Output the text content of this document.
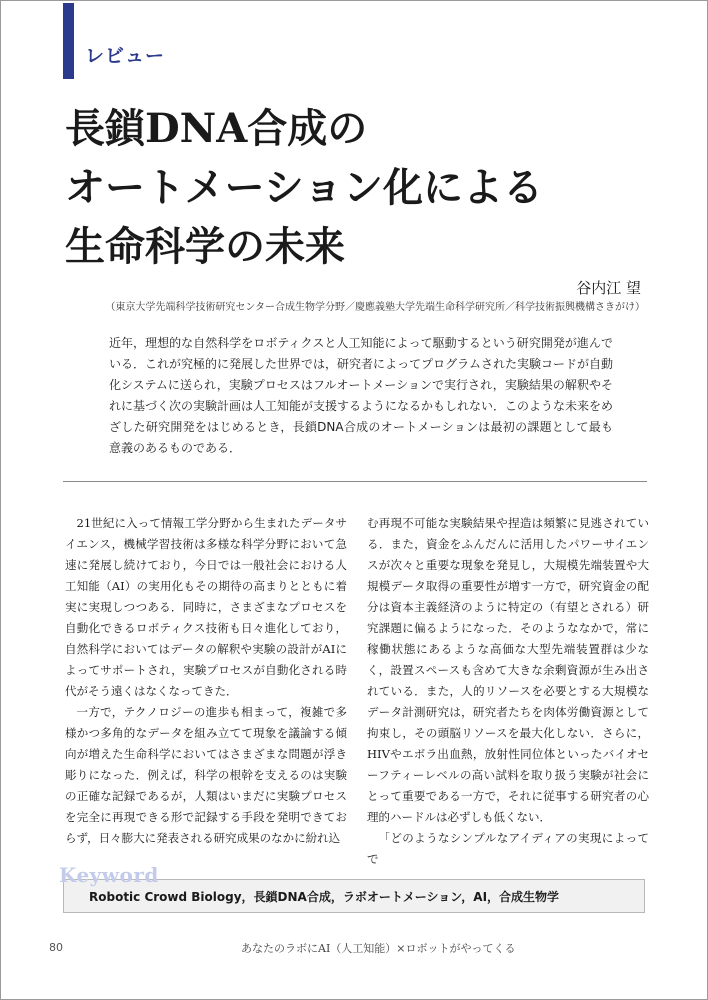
レビュー
長鎖DNA合成の
オートメーション化による
生命科学の未来
谷内江 望
（東京大学先端科学技術研究センター合成生物学分野／慶應義塾大学先端生命科学研究所／科学技術振興機構さきがけ）
近年，理想的な自然科学をロボティクスと人工知能によって駆動するという研究開発が進んでいる．これが究極的に発展した世界では，研究者によってプログラムされた実験コードが自動化システムに送られ，実験プロセスはフルオートメーションで実行され，実験結果の解釈やそれに基づく次の実験計画は人工知能が支援するようになるかもしれない．このような未来をめざした研究開発をはじめるとき，長鎖DNA合成のオートメーションは最初の課題として最も意義のあるものである．

21世紀に入って情報工学分野から生まれたデータサイエンス，機械学習技術は多様な科学分野において急速に発展し続けており，今日では一般社会における人工知能（AI）の実用化もその期待の高まりとともに着実に実現しつつある．同時に，さまざまなプロセスを自動化できるロボティクス技術も日々進化しており，自然科学においてはデータの解釈や実験の設計がAIによってサポートされ，実験プロセスが自動化される時代がそう遠くはなくなってきた．

一方で，テクノロジーの進歩も相まって，複雑で多様かつ多角的なデータを組み立てて現象を議論する傾向が増えた生命科学においてはさまざまな問題が浮き彫りになった．例えば，科学の根幹を支えるのは実験の正確な記録であるが，人類はいまだに実験プロセスを完全に再現できる形で記録する手段を発明できておらず，日々膨大に発表される研究成果のなかに紛れ込

む再現不可能な実験結果や捏造は頻繁に見逃されている．また，資金をふんだんに活用したパワーサイエンスが次々と重要な現象を発見し，大規模先端装置や大規模データ取得の重要性が増す一方で，研究資金の配分は資本主義経済のように特定の（有望とされる）研究課題に偏るようになった．そのようななかで，常に稼働状態にあるような高価な大型先端装置群は少なく，設置スペースも含めて大きな余剰資源が生み出されている．また，人的リソースを必要とする大規模なデータ計測研究は，研究者たちを肉体労働資源として拘束し，その頭脳リソースを最大化しない．さらに，HIVやエボラ出血熱，放射性同位体といったバイオセーフティーレベルの高い試料を取り扱う実験が社会にとって重要である一方で，それに従事する研究者の心理的ハードルは必ずしも低くない．

「どのようなシンプルなアイディアの実現によってで

Keyword
Robotic Crowd Biology，長鎖DNA合成，ラボオートメーション，AI，合成生物学
80	あなたのラボにAI（人工知能）×ロボットがやってくる
